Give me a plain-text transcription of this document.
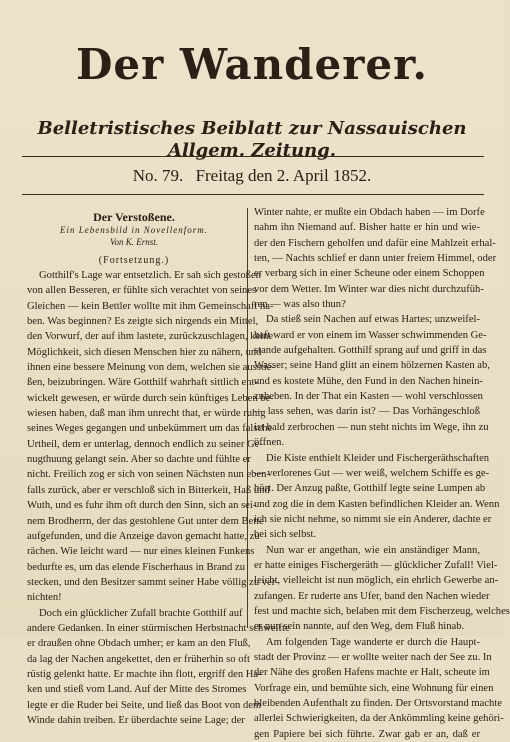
Der Wanderer.
Belletristisches Beiblatt zur Nassauischen Allgem. Zeitung.
No. 79. Freitag den 2. April 1852.
Der Verstoßene.
Ein Lebensbild in Novellenform.
Von K. Ernst.
(Fortsetzung.)
Gotthilf's Lage war entsetzlich. Er sah sich gestoßen
von allen Besseren, er fühlte sich verachtet von seines
Gleichen — kein Bettler wollte mit ihm Gemeinschaft ha-
ben. Was beginnen? Es zeigte sich nirgends ein Mittel,
den Vorwurf, der auf ihm lastete, zurückzuschlagen, keine
Möglichkeit, sich diesen Menschen hier zu nähern, und
ihnen eine bessere Meinung von dem, welchen sie ausstie-
ßen, beizubringen. Wäre Gotthilf wahrhaft sittlich ent-
wickelt gewesen, er würde durch sein künftiges Leben be-
wiesen haben, daß man ihm unrecht that, er würde ruhig
seines Weges gegangen und unbekümmert um das falsche
Urtheil, dem er unterlag, dennoch endlich zu seiner Ge-
nugthuung gelangt sein. Aber so dachte und fühlte er
nicht. Freilich zog er sich von seinen Nächsten nun eben-
falls zurück, aber er verschloß sich in Bitterkeit, Haß und
Wuth, und es fuhr ihm oft durch den Sinn, sich an sei-
nem Brodherrn, der das gestohlene Gut unter dem Bette
aufgefunden, und die Anzeige davon gemacht hatte, zu
rächen. Wie leicht ward — nur eines kleinen Funkens
bedurfte es, um das elende Fischerhaus in Brand zu
stecken, und den Besitzer sammt seiner Habe völlig zu ver-
nichten!
Doch ein glücklicher Zufall brachte Gotthilf auf
andere Gedanken. In einer stürmischen Herbstnacht schweifte
er draußen ohne Obdach umher; er kam an den Fluß,
da lag der Nachen angekettet, den er früherhin so oft
rüstig gelenkt hatte. Er machte ihn flott, ergriff den Ha-
ken und stieß vom Land. Auf der Mitte des Stromes
legte er die Ruder bei Seite, und ließ das Boot von dem
Winde dahin treiben. Er überdachte seine Lage; der
Winter nahte, er mußte ein Obdach haben — im Dorfe
nahm ihn Niemand auf. Bisher hatte er hin und wie-
der den Fischern geholfen und dafür eine Mahlzeit erhal-
ten, — Nachts schlief er dann unter freiem Himmel, oder
er verbarg sich in einer Scheune oder einem Schoppen
vor dem Wetter. Im Winter war dies nicht durchzufüh-
ren — was also thun?
Da stieß sein Nachen auf etwas Hartes; unzweifel-
haft ward er von einem im Wasser schwimmenden Ge-
stande aufgehalten. Gotthilf sprang auf und griff in das
Wasser; seine Hand glitt an einem hölzernen Kasten ab,
und es kostete Mühe, den Fund in den Nachen hinein-
zuheben. In der That ein Kasten — wohl verschlossen
— lass sehen, was darin ist? — Das Vorhängeschloß
ist bald zerbrochen — nun steht nichts im Wege, ihn zu
öffnen.
Die Kiste enthielt Kleider und Fischergeräthschaften
— verlorenes Gut — wer weiß, welchem Schiffe es ge-
hört. Der Anzug paßte, Gotthilf legte seine Lumpen ab
und zog die in dem Kasten befindlichen Kleider an. Wenn
ich sie nicht nehme, so nimmt sie ein Anderer, dachte er
bei sich selbst.
Nun war er angethan, wie ein anständiger Mann,
er hatte einiges Fischergeräth — glücklicher Zufall! Viel-
leicht, vielleicht ist nun möglich, ein ehrlich Gewerbe an-
zufangen. Er ruderte ans Ufer, band den Nachen wieder
fest und machte sich, belaben mit dem Fischerzeug, welches
er nun sein nannte, auf den Weg, dem Fluß hinab.
Am folgenden Tage wanderte er durch die Haupt-
stadt der Provinz — er wollte weiter nach der See zu. In
der Nähe des großen Hafens machte er Halt, scheute im
Vorfrage ein, und bemühte sich, eine Wohnung für einen
bleibenden Aufenthalt zu finden. Der Ortsvorstand machte
allerlei Schwierigkeiten, da der Ankömmling keine gehöri-
gen Papiere bei sich führte. Zwar gab er an, daß er
